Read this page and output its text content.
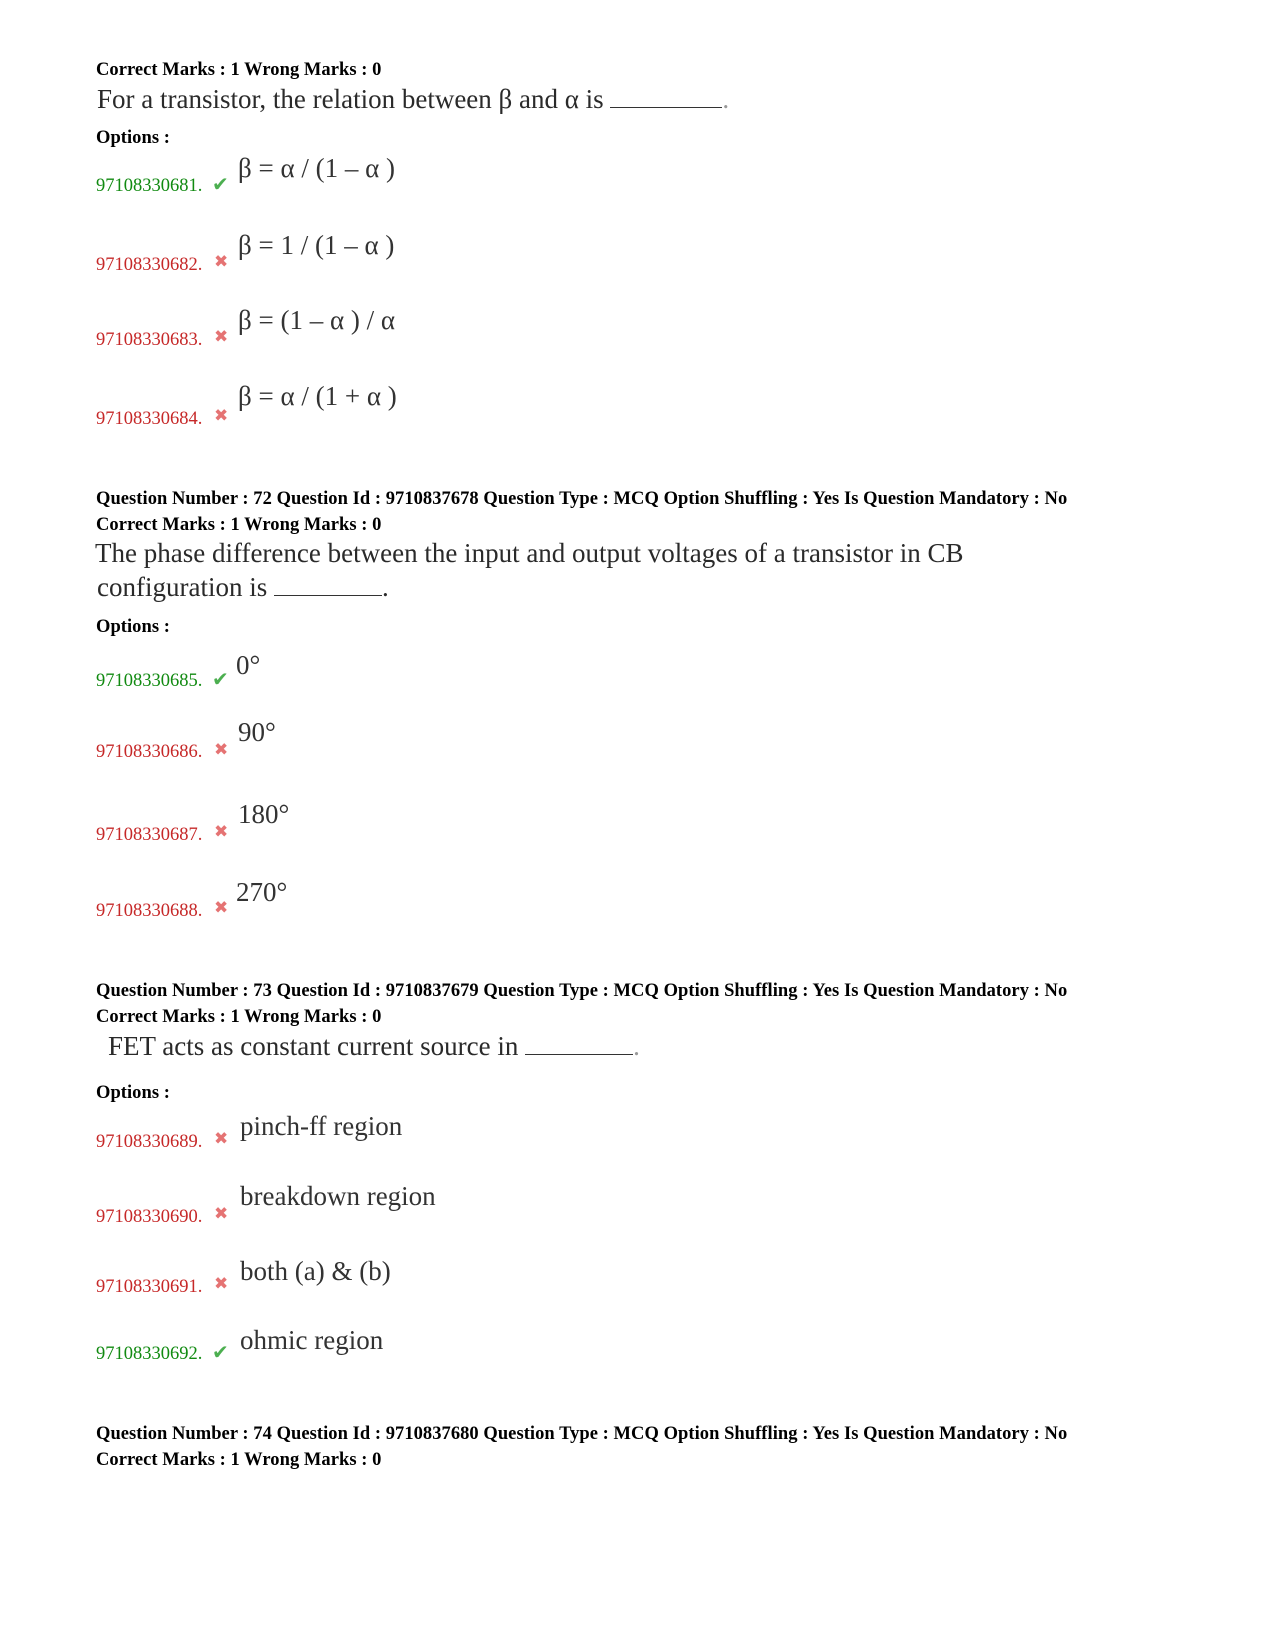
Correct Marks : 1 Wrong Marks : 0
For a transistor, the relation between β and α is	.
Options :
97108330681. ✔
β = α / (1 – α )
97108330682. ✖
β = 1 / (1 – α )
97108330683. ✖
β = (1 – α ) / α
97108330684. ✖
β = α / (1 + α )
Question Number : 72 Question Id : 9710837678 Question Type : MCQ Option Shuffling : Yes Is Question Mandatory : No
Correct Marks : 1 Wrong Marks : 0
The phase difference between the input and output voltages of a transistor in CB
configuration is	.
Options :
97108330685. ✔ 0°
97108330686. ✖
90°
97108330687. ✖
180°
97108330688. ✖
270°
Question Number : 73 Question Id : 9710837679 Question Type : MCQ Option Shuffling : Yes Is Question Mandatory : No
Correct Marks : 1 Wrong Marks : 0
FET acts as constant current source in	.
Options :
97108330689. ✖ pinch-ff region
97108330690. ✖
breakdown region
97108330691. ✖ both (a) & (b)
97108330692. ✔ ohmic region
Question Number : 74 Question Id : 9710837680 Question Type : MCQ Option Shuffling : Yes Is Question Mandatory : No
Correct Marks : 1 Wrong Marks : 0
